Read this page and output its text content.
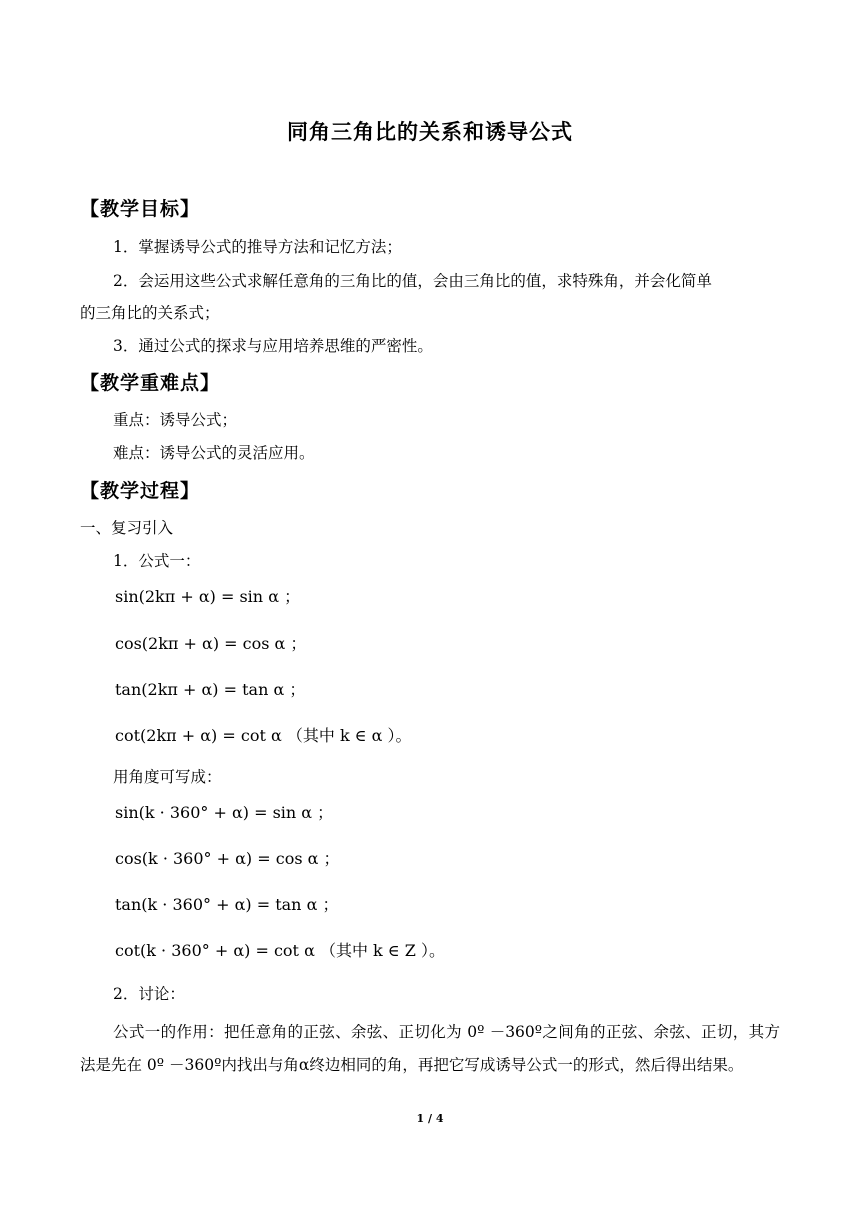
同角三角比的关系和诱导公式
【教学目标】
1．掌握诱导公式的推导方法和记忆方法；
2．会运用这些公式求解任意角的三角比的值，会由三角比的值，求特殊角，并会化简单
的三角比的关系式；
3．通过公式的探求与应用培养思维的严密性。
【教学重难点】
重点：诱导公式；
难点：诱导公式的灵活应用。
【教学过程】
一、复习引入
1．公式一：
sin(2kπ + α) = sin α ；
cos(2kπ + α) = cos α ；
tan(2kπ + α) = tan α ；
cot(2kπ + α) = cot α （其中 k ∈ α ）。
用角度可写成：
sin(k · 360° + α) = sin α ；
cos(k · 360° + α) = cos α ；
tan(k · 360° + α) = tan α ；
cot(k · 360° + α) = cot α （其中 k ∈ Z ）。
2．讨论：
公式一的作用：把任意角的正弦、余弦、正切化为 0º －360º之间角的正弦、余弦、正切，其方法是先在 0º －360º内找出与角α终边相同的角，再把它写成诱导公式一的形式，然后得出结果。
1 / 4
